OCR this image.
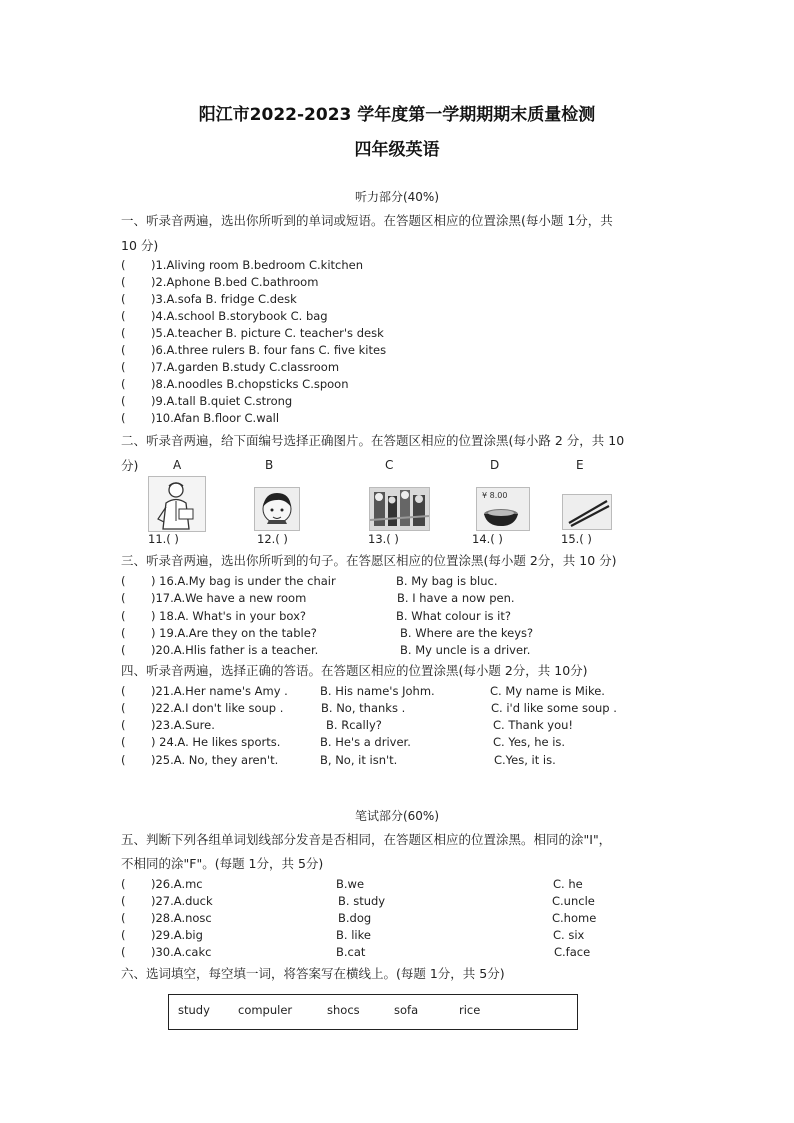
阳江市2022-2023 学年度第一学期期期末质量检测
四年级英语
听力部分(40%)
一、听录音两遍，选出你所听到的单词或短语。在答题区相应的位置涂黑(每小题 1分，共
10 分)
( )1.Aliving room B.bedroom C.kitchen
( )2.Aphone B.bed C.bathroom
( )3.A.sofa B. fridge C.desk
( )4.A.school B.storybook C. bag
( )5.A.teacher B. picture C. teacher's desk
( )6.A.three rulers B. four fans C. five kites
( )7.A.garden B.study C.classroom
( )8.A.noodles B.chopsticks C.spoon
( )9.A.tall B.quiet C.strong
( )10.Afan B.floor C.wall
二、听录音两遍，给下面编号选择正确图片。在答题区相应的位置涂黑(每小路 2 分，共 10
分)	A	B	C	D	E
¥ 8.00
11.( )	12.( )	13.( )	14.( )	15.( )
三、听录音两遍，选出你所听到的句子。在答愿区相应的位置涂黑(每小题 2分，共 10 分)
( ) 16.A.My bag is under the chair	B. My bag is bluc.
( )17.A.We have a new room	B. I have a now pen.
( ) 18.A. What's in your box?	B. What colour is it?
( ) 19.A.Are they on the table?	B. Where are the keys?
( )20.A.Hlis father is a teacher.	B. My uncle is a driver.
四、听录音两遍，选择正确的答语。在答题区相应的位置涂黑(每小题 2分，共 10分)
( )21.A.Her name's Amy .	B. His name's Johm.	C. My name is Mike.
( )22.A.I don't like soup .	B. No, thanks .	C. i'd like some soup .
( )23.A.Sure.	B. Rcally?	C. Thank you!
( ) 24.A. He likes sports.	B. He's a driver.	C. Yes, he is.
( )25.A. No, they aren't.	B, No, it isn't.	C.Yes, it is.
笔试部分(60%)
五、判断下列各组单词划线部分发音是否相同，在答题区相应的位置涂黑。相同的涂"I"，
不相同的涂"F"。(每题 1分，共 5分)
( )26.A.mc	B.we	C. he
( )27.A.duck	B. study	C.uncle
( )28.A.nosc	B.dog	C.home
( )29.A.big	B. like	C. six
( )30.A.cakc	B.cat	C.face
六、选词填空，每空填一词，将答案写在横线上。(每题 1分，共 5分)
study compuler	shocs	sofa	rice
